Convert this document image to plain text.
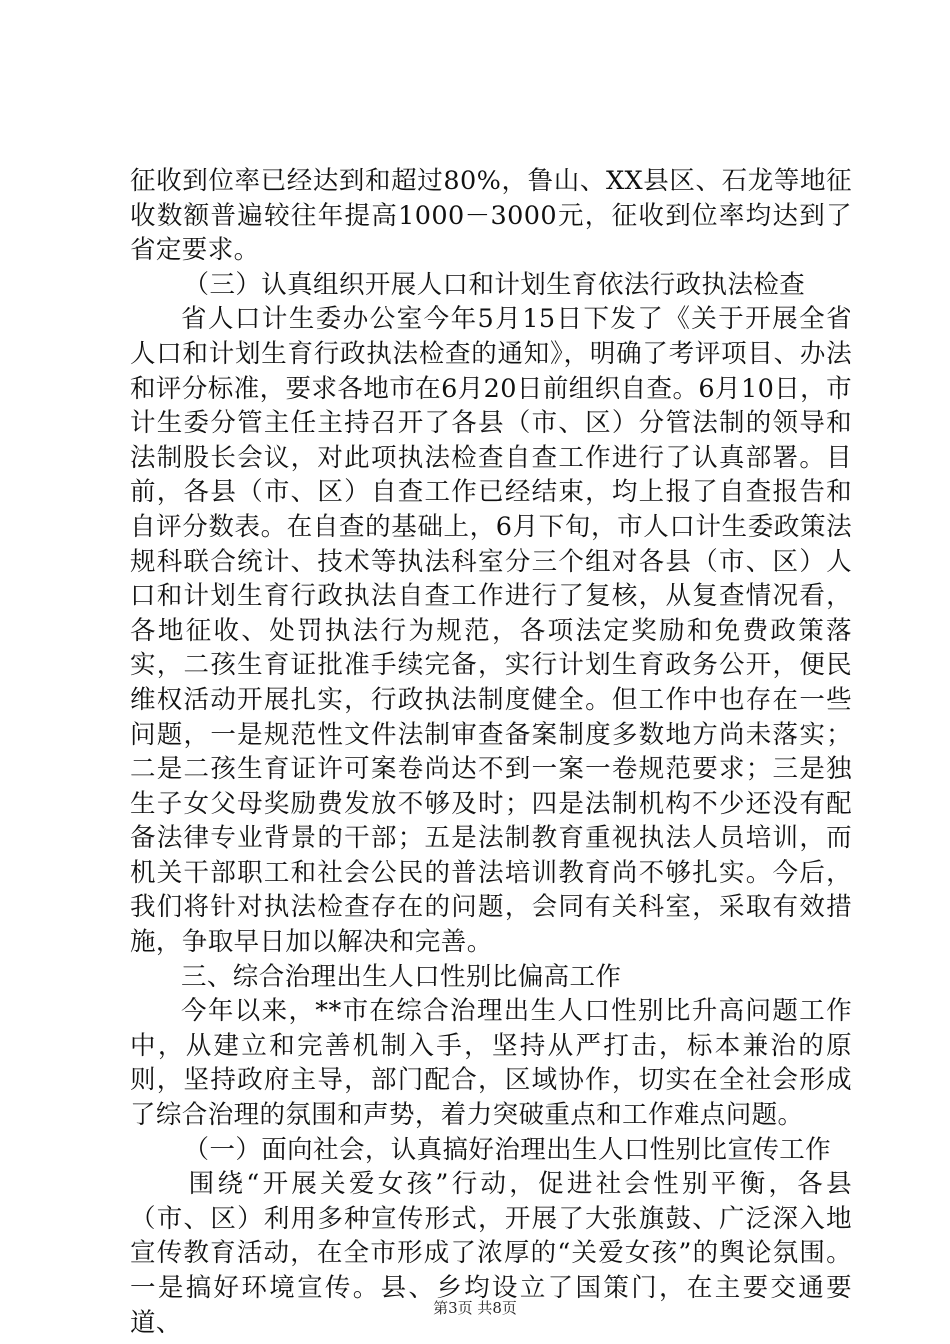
征收到位率已经达到和超过80%，鲁山、XX县区、石龙等地征收数额普遍较往年提高1000－3000元，征收到位率均达到了省定要求。

（三）认真组织开展人口和计划生育依法行政执法检查

省人口计生委办公室今年5月15日下发了《关于开展全省人口和计划生育行政执法检查的通知》，明确了考评项目、办法和评分标准，要求各地市在6月20日前组织自查。6月10日，市计生委分管主任主持召开了各县（市、区）分管法制的领导和法制股长会议，对此项执法检查自查工作进行了认真部署。目前，各县（市、区）自查工作已经结束，均上报了自查报告和自评分数表。在自查的基础上，6月下旬，市人口计生委政策法规科联合统计、技术等执法科室分三个组对各县（市、区）人口和计划生育行政执法自查工作进行了复核，从复查情况看，各地征收、处罚执法行为规范，各项法定奖励和免费政策落实，二孩生育证批准手续完备，实行计划生育政务公开，便民维权活动开展扎实，行政执法制度健全。但工作中也存在一些问题，一是规范性文件法制审查备案制度多数地方尚未落实；二是二孩生育证许可案卷尚达不到一案一卷规范要求；三是独生子女父母奖励费发放不够及时；四是法制机构不少还没有配备法律专业背景的干部；五是法制教育重视执法人员培训，而机关干部职工和社会公民的普法培训教育尚不够扎实。今后，我们将针对执法检查存在的问题，会同有关科室，采取有效措施，争取早日加以解决和完善。

三、综合治理出生人口性别比偏高工作

今年以来，**市在综合治理出生人口性别比升高问题工作中，从建立和完善机制入手，坚持从严打击，标本兼治的原则，坚持政府主导，部门配合，区域协作，切实在全社会形成了综合治理的氛围和声势，着力突破重点和工作难点问题。

（一）面向社会，认真搞好治理出生人口性别比宣传工作

围绕“开展关爱女孩”行动，促进社会性别平衡，各县（市、区）利用多种宣传形式，开展了大张旗鼓、广泛深入地宣传教育活动，在全市形成了浓厚的“关爱女孩”的舆论氛围。一是搞好环境宣传。县、乡均设立了国策门，在主要交通要道、	第3页 共8页
